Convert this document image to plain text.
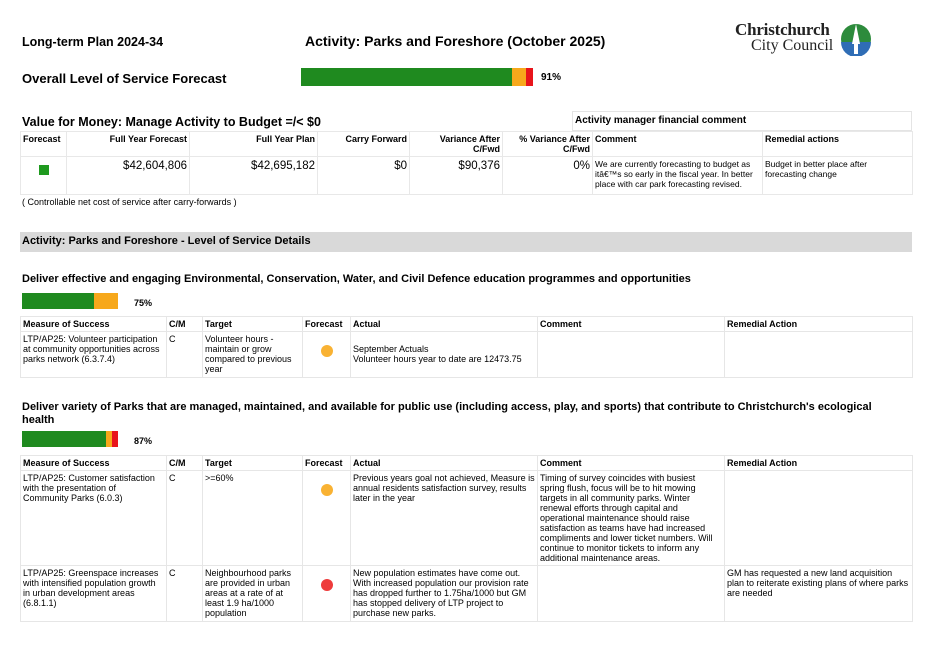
Long-term Plan 2024-34	Activity: Parks and Foreshore (October 2025)
Christchurch
City Council
Overall Level of Service Forecast	91%
Value for Money: Manage Activity to Budget =/< $0	Activity manager financial comment
Forecast	Full Year Forecast	Full Year Plan	Carry Forward	Variance After C/Fwd	% Variance After C/Fwd	Comment	Remedial actions

	$42,604,806	$42,695,182	$0	$90,376	0%	We are currently forecasting to budget as itâ€™s so early in the fiscal year. In better place with car park forecasting revised.	Budget in better place after forecasting change
( Controllable net cost of service after carry-forwards )
Activity: Parks and Foreshore - Level of Service Details
Deliver effective and engaging Environmental, Conservation, Water, and Civil Defence education programmes and opportunities
75%
Measure of Success	C/M	Target	Forecast	Actual	Comment	Remedial Action
LTP/AP25: Volunteer participation at community opportunities across parks network (6.3.7.4)	C	Volunteer hours - maintain or grow compared to previous year		September Actuals
Volunteer hours year to date are 12473.75		

Deliver variety of Parks that are managed, maintained, and available for public use (including access, play, and sports) that contribute to Christchurch's ecological health
87%
Measure of Success	C/M	Target	Forecast	Actual	Comment	Remedial Action
LTP/AP25: Customer satisfaction with the presentation of Community Parks (6.0.3)	C	>=60%		Previous years goal not achieved, Measure is annual residents satisfaction survey, results later in the year	Timing of survey coincides with busiest spring flush, focus will be to hit mowing targets in all community parks. Winter renewal efforts through capital and operational maintenance should raise satisfaction as teams have had increased compliments and lower ticket numbers. Will continue to monitor tickets to inform any additional maintenance areas.	
LTP/AP25: Greenspace increases with intensified population growth in urban development areas (6.8.1.1)	C	Neighbourhood parks are provided in urban areas at a rate of at least 1.9 ha/1000 population		New population estimates have come out. With increased population our provision rate has dropped further to 1.75ha/1000 but GM has stopped delivery of LTP project to purchase new parks.		GM has requested a new land acquisition plan to reiterate existing plans of where parks are needed
